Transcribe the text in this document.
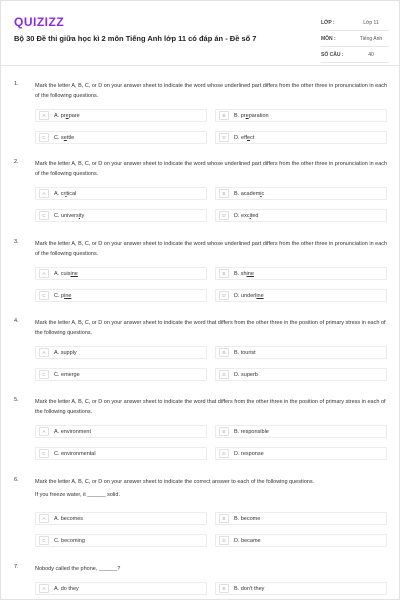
QUIZIZZ
Bộ 30 Đề thi giữa học kì 2 môn Tiếng Anh lớp 11 có đáp án - Đề số 7
LỚP :	Lớp 11
MÔN :	Tiếng Anh
SỐ CÂU :	40
1.	Mark the letter A, B, C, or D on your answer sheet to indicate the word whose underlined part differs from the other three in pronunciation in each of the following questions.
A	A. prepare	B	B. preparation
C	C. settle	D	D. effect
2.	Mark the letter A, B, C, or D on your answer sheet to indicate the word whose underlined part differs from the other three in pronunciation in each of the following questions.
A	A. critical	B	B. academic
C	C. university	D	D. excited
3.	Mark the letter A, B, C, or D on your answer sheet to indicate the word whose underlined part differs from the other three in pronunciation in each of the following questions.
A	A. cuisine	B	B. shine
C	C. pine	D	D. underline
4.	Mark the letter A, B, C, or D on your answer sheet to indicate the word that differs from the other three in the position of primary stress in each of the following questions.
A	A. supply	B	B. tourist
C	C. emerge	D	D. superb
5.	Mark the letter A, B, C, or D on your answer sheet to indicate the word that differs from the other three in the position of primary stress in each of the following questions.
A	A. environment	B	B. responsible
C	C. environmental	D	D. response
6.	Mark the letter A, B, C, or D on your answer sheet to indicate the correct answer to each of the following questions.
If you freeze water, it ______ solid.
A	A. becomes	B	B. become
C	C. becoming	D	D. became
7.	Nobody called the phone, ______?
A	A. do they	B	B. don't they
